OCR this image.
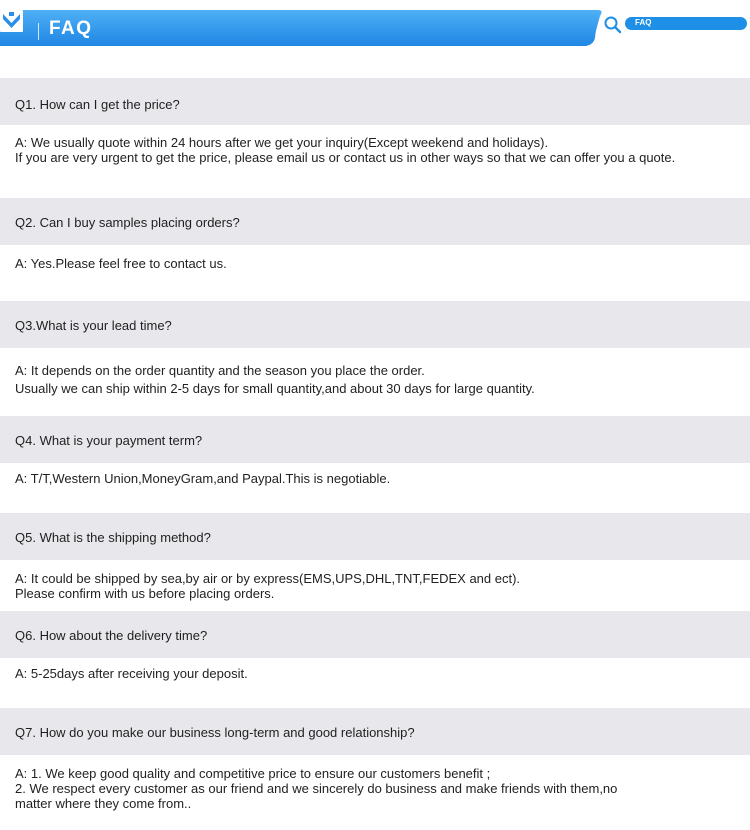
FAQ	FAQ
Q1. How can I get the price?
A: We usually quote within 24 hours after we get your inquiry(Except weekend and holidays).
If you are very urgent to get the price, please email us or contact us in other ways so that we can offer you a quote.
Q2. Can I buy samples placing orders?
A: Yes.Please feel free to contact us.
Q3.What is your lead time?
A: It depends on the order quantity and the season you place the order.
Usually we can ship within 2-5 days for small quantity,and about 30 days for large quantity.
Q4. What is your payment term?
A: T/T,Western Union,MoneyGram,and Paypal.This is negotiable.
Q5. What is the shipping method?
A: It could be shipped by sea,by air or by express(EMS,UPS,DHL,TNT,FEDEX and ect).
Please confirm with us before placing orders.
Q6. How about the delivery time?
A: 5-25days after receiving your deposit.
Q7. How do you make our business long-term and good relationship?
A: 1. We keep good quality and competitive price to ensure our customers benefit ;
2. We respect every customer as our friend and we sincerely do business and make friends with them,no
matter where they come from..
